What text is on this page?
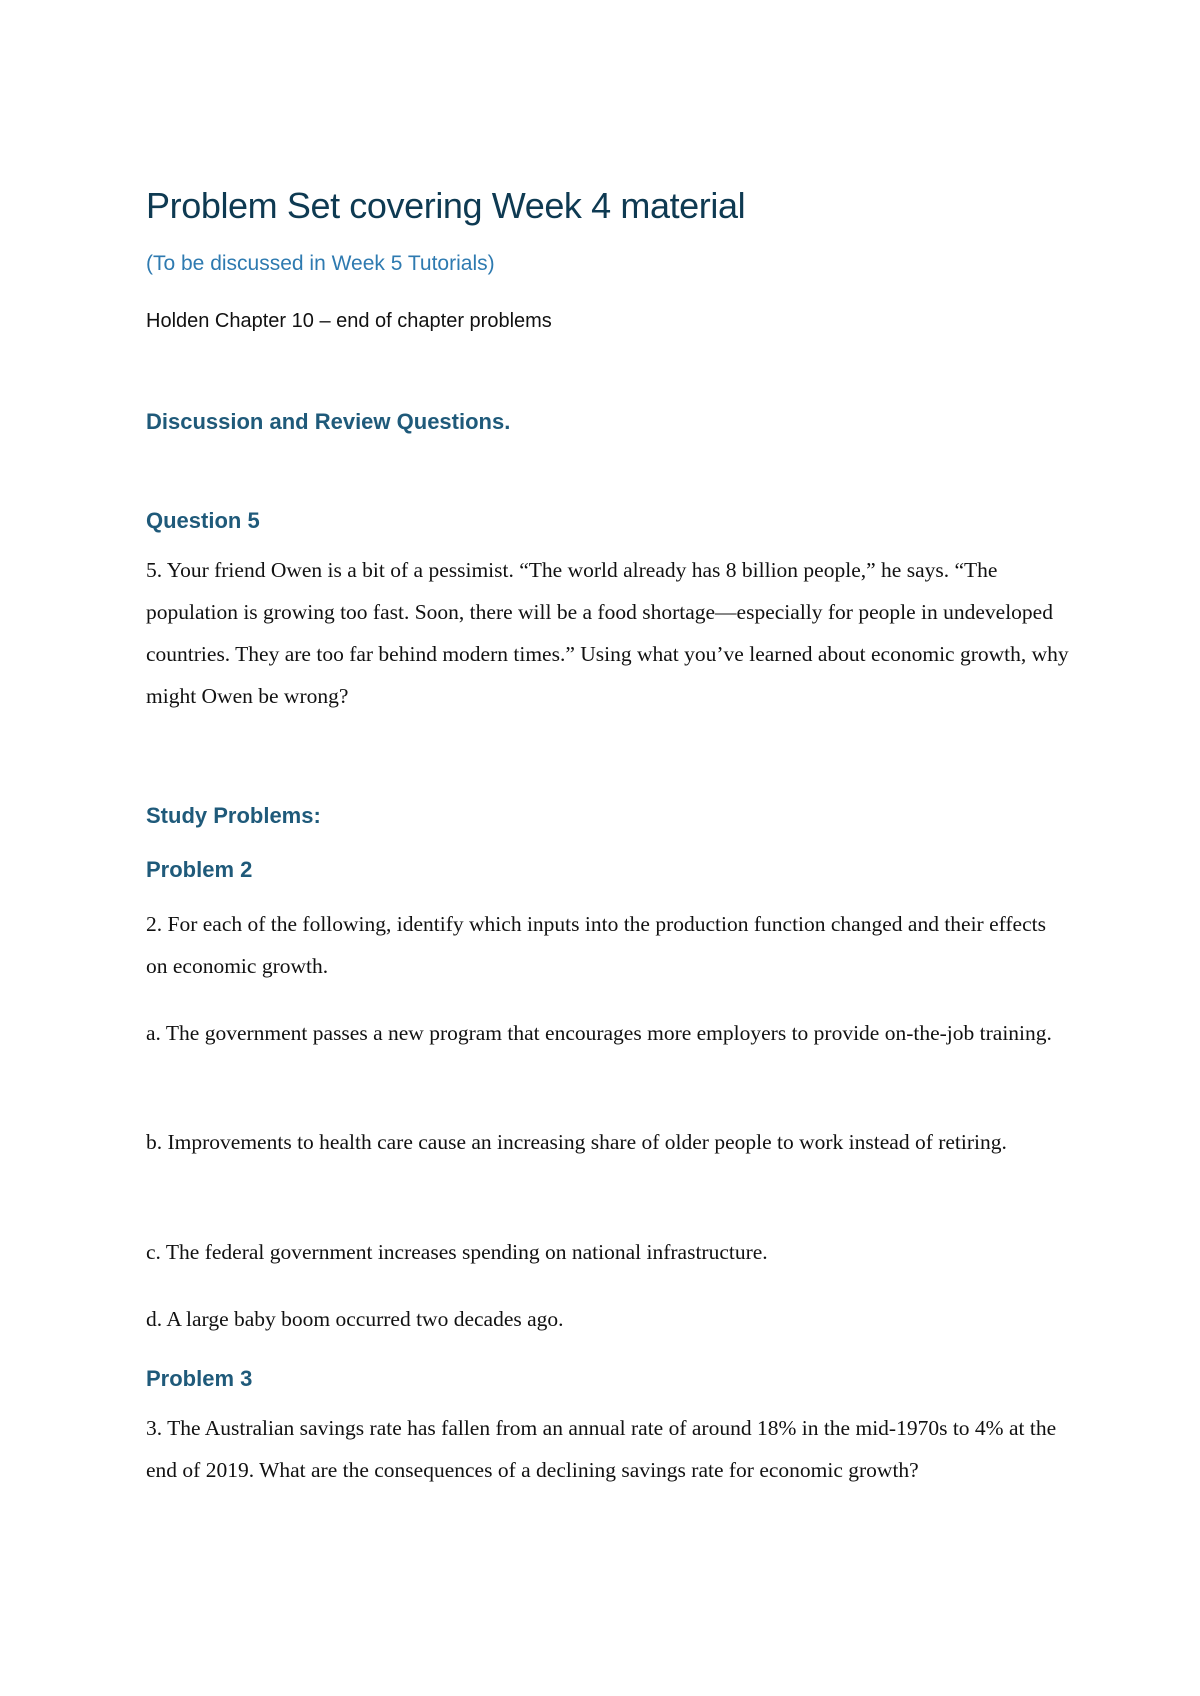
Problem Set covering Week 4 material

(To be discussed in Week 5 Tutorials)

Holden Chapter 10 – end of chapter problems

Discussion and Review Questions.
Question 5

5. Your friend Owen is a bit of a pessimist. “The world already has 8 billion people,” he says. “The population is growing too fast. Soon, there will be a food shortage—especially for people in undeveloped countries. They are too far behind modern times.” Using what you’ve learned about economic growth, why might Owen be wrong?

Study Problems:
Problem 2

2. For each of the following, identify which inputs into the production function changed and their effects on economic growth.

a. The government passes a new program that encourages more employers to provide on-the-job training.

b. Improvements to health care cause an increasing share of older people to work instead of retiring.

c. The federal government increases spending on national infrastructure.

d. A large baby boom occurred two decades ago.

Problem 3

3. The Australian savings rate has fallen from an annual rate of around 18% in the mid-1970s to 4% at the end of 2019. What are the consequences of a declining savings rate for economic growth?
